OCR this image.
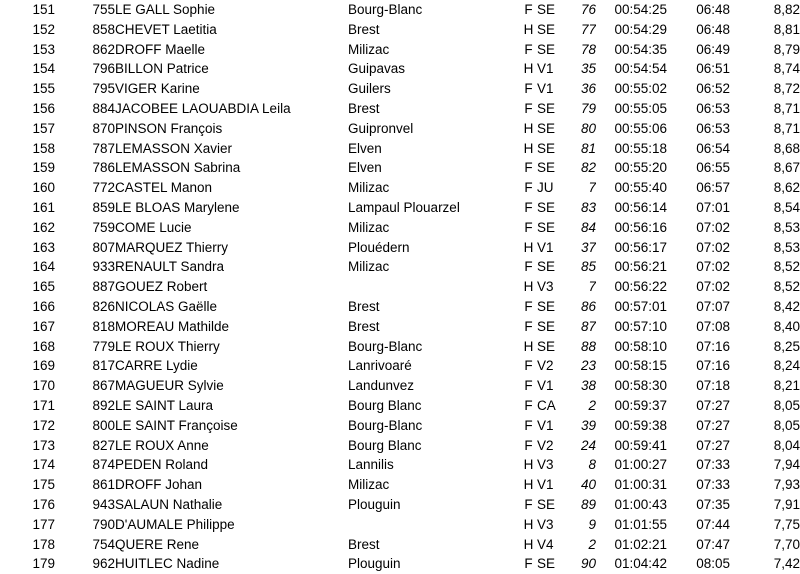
151	755	LE GALL Sophie	Bourg-Blanc	F	SE	76	00:54:25	06:48	8,82
152	858	CHEVET Laetitia	Brest	H	SE	77	00:54:29	06:48	8,81
153	862	DROFF Maelle	Milizac	F	SE	78	00:54:35	06:49	8,79
154	796	BILLON Patrice	Guipavas	H	V1	35	00:54:54	06:51	8,74
155	795	VIGER Karine	Guilers	F	V1	36	00:55:02	06:52	8,72
156	884	JACOBEE LAOUABDIA Leila	Brest	F	SE	79	00:55:05	06:53	8,71
157	870	PINSON François	Guipronvel	H	SE	80	00:55:06	06:53	8,71
158	787	LEMASSON Xavier	Elven	H	SE	81	00:55:18	06:54	8,68
159	786	LEMASSON Sabrina	Elven	F	SE	82	00:55:20	06:55	8,67
160	772	CASTEL Manon	Milizac	F	JU	7	00:55:40	06:57	8,62
161	859	LE BLOAS Marylene	Lampaul Plouarzel	F	SE	83	00:56:14	07:01	8,54
162	759	COME Lucie	Milizac	F	SE	84	00:56:16	07:02	8,53
163	807	MARQUEZ Thierry	Plouédern	H	V1	37	00:56:17	07:02	8,53
164	933	RENAULT Sandra	Milizac	F	SE	85	00:56:21	07:02	8,52
165	887	GOUEZ Robert		H	V3	7	00:56:22	07:02	8,52
166	826	NICOLAS Gaëlle	Brest	F	SE	86	00:57:01	07:07	8,42
167	818	MOREAU Mathilde	Brest	F	SE	87	00:57:10	07:08	8,40
168	779	LE ROUX Thierry	Bourg-Blanc	H	SE	88	00:58:10	07:16	8,25
169	817	CARRE Lydie	Lanrivoaré	F	V2	23	00:58:15	07:16	8,24
170	867	MAGUEUR Sylvie	Landunvez	F	V1	38	00:58:30	07:18	8,21
171	892	LE SAINT Laura	Bourg Blanc	F	CA	2	00:59:37	07:27	8,05
172	800	LE SAINT Françoise	Bourg-Blanc	F	V1	39	00:59:38	07:27	8,05
173	827	LE ROUX Anne	Bourg Blanc	F	V2	24	00:59:41	07:27	8,04
174	874	PEDEN Roland	Lannilis	H	V3	8	01:00:27	07:33	7,94
175	861	DROFF Johan	Milizac	H	V1	40	01:00:31	07:33	7,93
176	943	SALAUN Nathalie	Plouguin	F	SE	89	01:00:43	07:35	7,91
177	790	D'AUMALE Philippe		H	V3	9	01:01:55	07:44	7,75
178	754	QUERE Rene	Brest	H	V4	2	01:02:21	07:47	7,70
179	962	HUITLEC Nadine	Plouguin	F	SE	90	01:04:42	08:05	7,42
